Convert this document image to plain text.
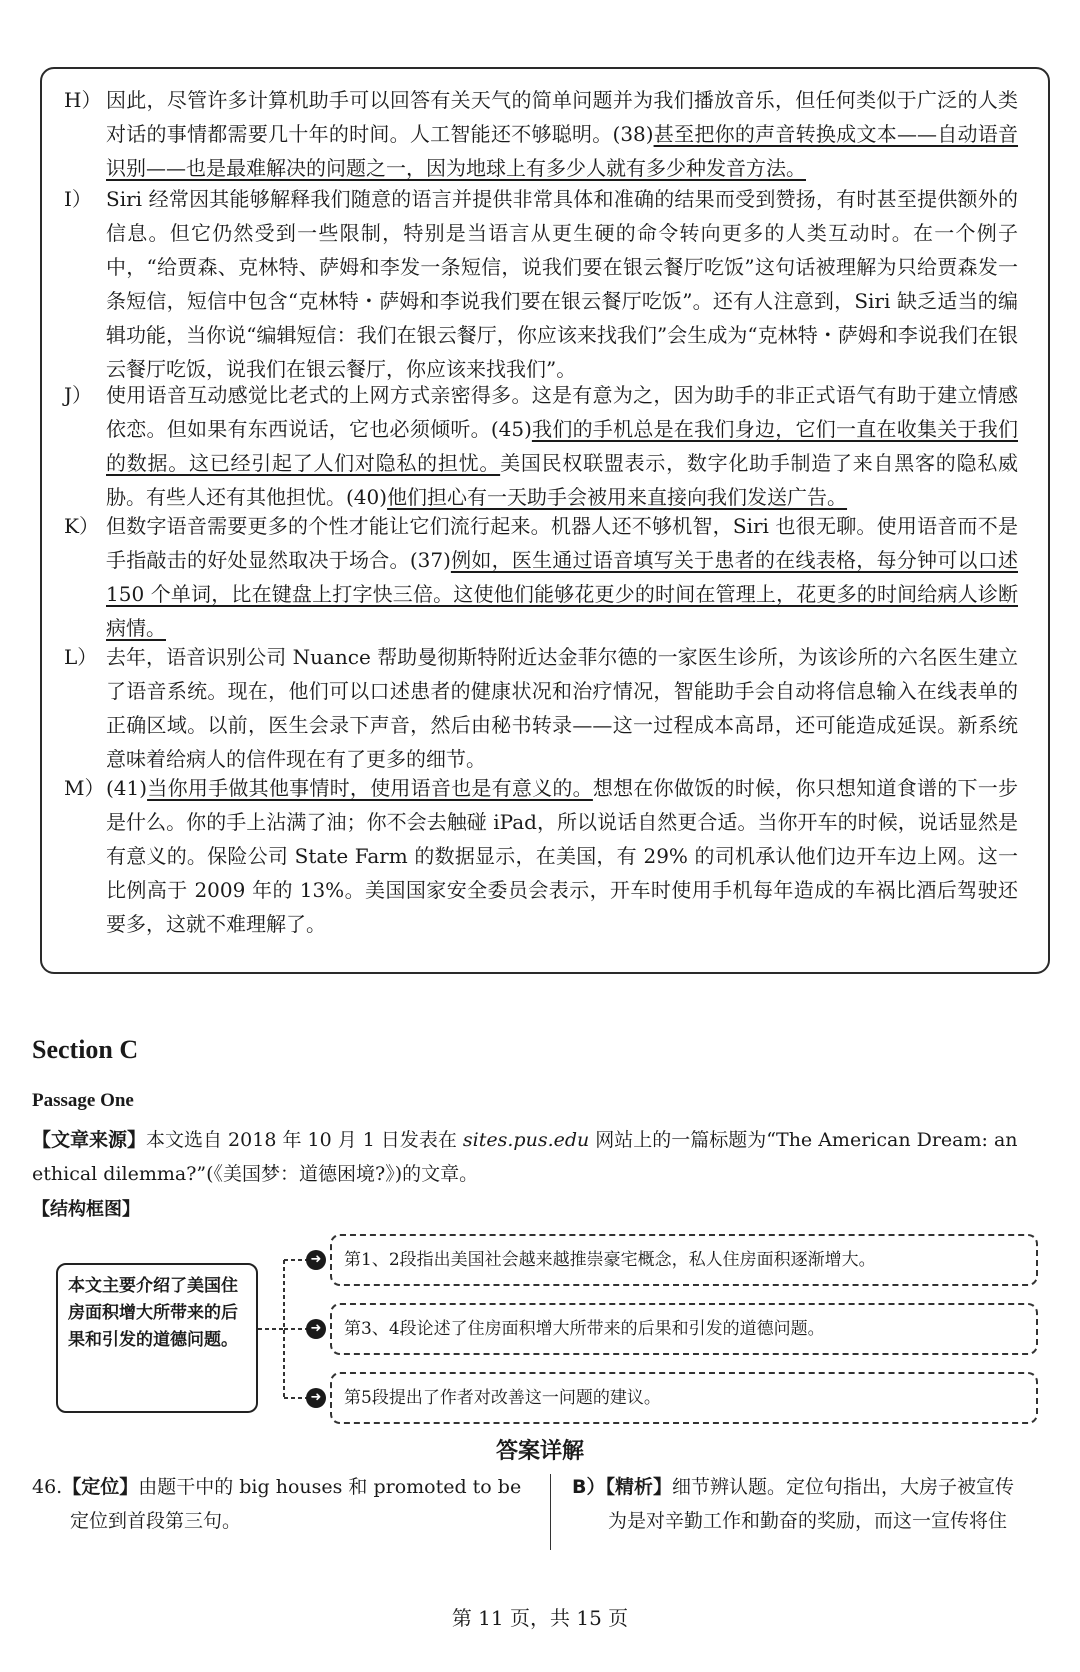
H） 因此，尽管许多计算机助手可以回答有关天气的简单问题并为我们播放音乐，但任何类似于广泛的人类对话的事情都需要几十年的时间。人工智能还不够聪明。(38)甚至把你的声音转换成文本——自动语音识别——也是最难解决的问题之一，因为地球上有多少人就有多少种发音方法。
I） Siri 经常因其能够解释我们随意的语言并提供非常具体和准确的结果而受到赞扬，有时甚至提供额外的信息。但它仍然受到一些限制，特别是当语言从更生硬的命令转向更多的人类互动时。在一个例子中，“给贾森、克林特、萨姆和李发一条短信，说我们要在银云餐厅吃饭”这句话被理解为只给贾森发一条短信，短信中包含“克林特・萨姆和李说我们要在银云餐厅吃饭”。还有人注意到，Siri 缺乏适当的编辑功能，当你说“编辑短信：我们在银云餐厅，你应该来找我们”会生成为“克林特・萨姆和李说我们在银云餐厅吃饭，说我们在银云餐厅，你应该来找我们”。
J） 使用语音互动感觉比老式的上网方式亲密得多。这是有意为之，因为助手的非正式语气有助于建立情感依恋。但如果有东西说话，它也必须倾听。(45)我们的手机总是在我们身边，它们一直在收集关于我们的数据。这已经引起了人们对隐私的担忧。美国民权联盟表示，数字化助手制造了来自黑客的隐私威胁。有些人还有其他担忧。(40)他们担心有一天助手会被用来直接向我们发送广告。
K） 但数字语音需要更多的个性才能让它们流行起来。机器人还不够机智，Siri 也很无聊。使用语音而不是手指敲击的好处显然取决于场合。(37)例如，医生通过语音填写关于患者的在线表格，每分钟可以口述 150 个单词，比在键盘上打字快三倍。这使他们能够花更少的时间在管理上，花更多的时间给病人诊断病情。
L） 去年，语音识别公司 Nuance 帮助曼彻斯特附近达金菲尔德的一家医生诊所，为该诊所的六名医生建立了语音系统。现在，他们可以口述患者的健康状况和治疗情况，智能助手会自动将信息输入在线表单的正确区域。以前，医生会录下声音，然后由秘书转录——这一过程成本高昂，还可能造成延误。新系统意味着给病人的信件现在有了更多的细节。
M） (41)当你用手做其他事情时，使用语音也是有意义的。想想在你做饭的时候，你只想知道食谱的下一步是什么。你的手上沾满了油；你不会去触碰 iPad，所以说话自然更合适。当你开车的时候，说话显然是有意义的。保险公司 State Farm 的数据显示，在美国，有 29% 的司机承认他们边开车边上网。这一比例高于 2009 年的 13%。美国国家安全委员会表示，开车时使用手机每年造成的车祸比酒后驾驶还要多，这就不难理解了。
Section C
Passage One
【文章来源】本文选自 2018 年 10 月 1 日发表在 sites.pus.edu 网站上的一篇标题为“The American Dream: an ethical dilemma?”(《美国梦：道德困境?》)的文章。
【结构框图】
➜
➜
➜
本文主要介绍了美国住房面积增大所带来的后果和引发的道德问题。
第1、2段指出美国社会越来越推崇豪宅概念，私人住房面积逐渐增大。
第3、4段论述了住房面积增大所带来的后果和引发的道德问题。
第5段提出了作者对改善这一问题的建议。
答案详解
46.【定位】由题干中的 big houses 和 promoted to be
定位到首段第三句。
B）【精析】细节辨认题。定位句指出，大房子被宣传
为是对辛勤工作和勤奋的奖励，而这一宣传将住
第 11 页，共 15 页
